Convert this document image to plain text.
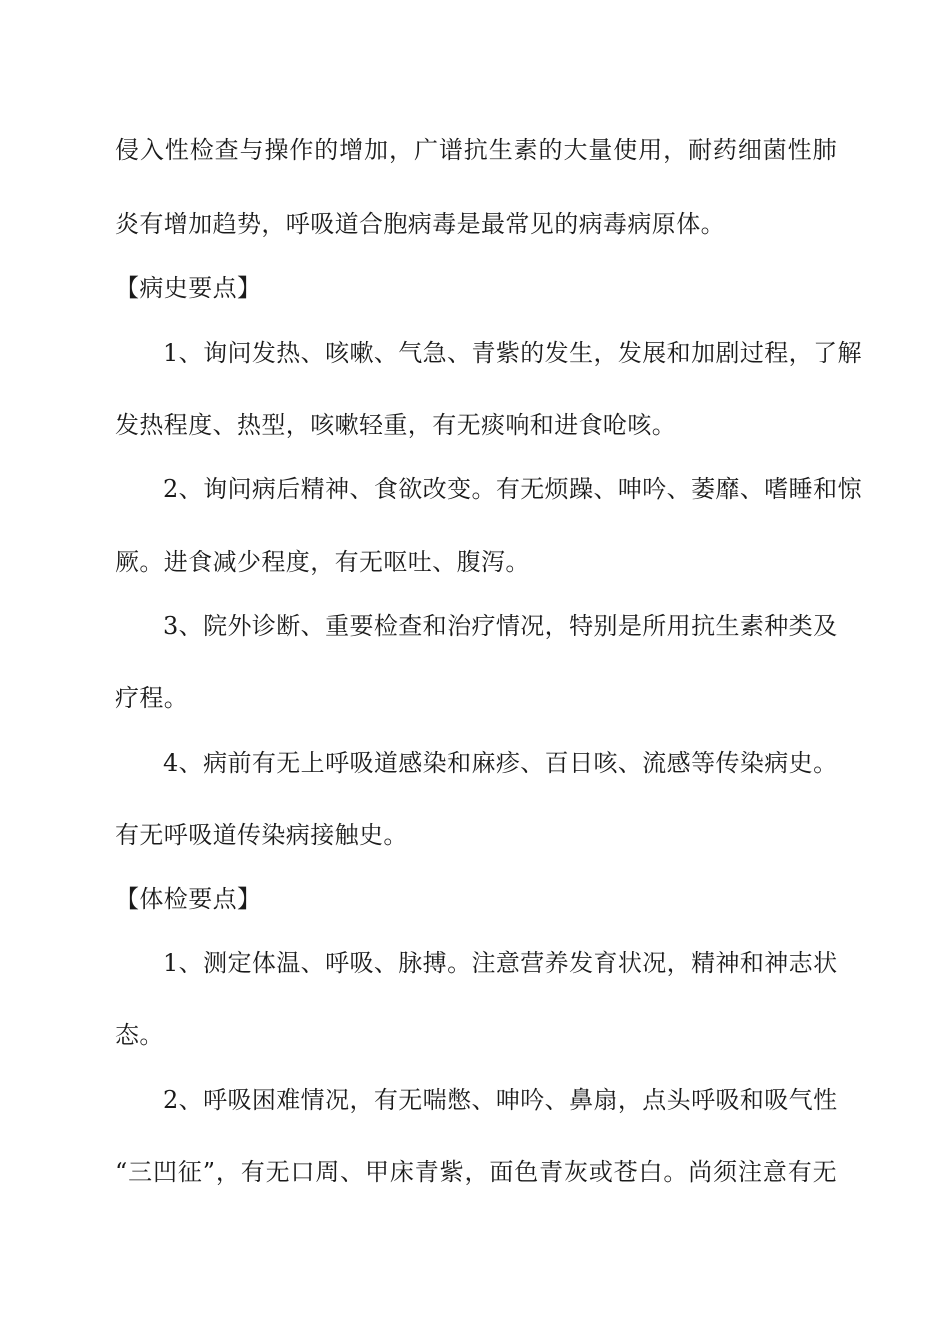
侵入性检查与操作的增加，广谱抗生素的大量使用，耐药细菌性肺
炎有增加趋势，呼吸道合胞病毒是最常见的病毒病原体。
【病史要点】
1、询问发热、咳嗽、气急、青紫的发生，发展和加剧过程，了解
发热程度、热型，咳嗽轻重，有无痰响和进食呛咳。
2、询问病后精神、食欲改变。有无烦躁、呻吟、萎靡、嗜睡和惊
厥。进食减少程度，有无呕吐、腹泻。
3、院外诊断、重要检查和治疗情况，特别是所用抗生素种类及
疗程。
4、病前有无上呼吸道感染和麻疹、百日咳、流感等传染病史。
有无呼吸道传染病接触史。
【体检要点】
1、测定体温、呼吸、脉搏。注意营养发育状况，精神和神志状
态。
2、呼吸困难情况，有无喘憋、呻吟、鼻扇，点头呼吸和吸气性
“三凹征”，有无口周、甲床青紫，面色青灰或苍白。尚须注意有无
